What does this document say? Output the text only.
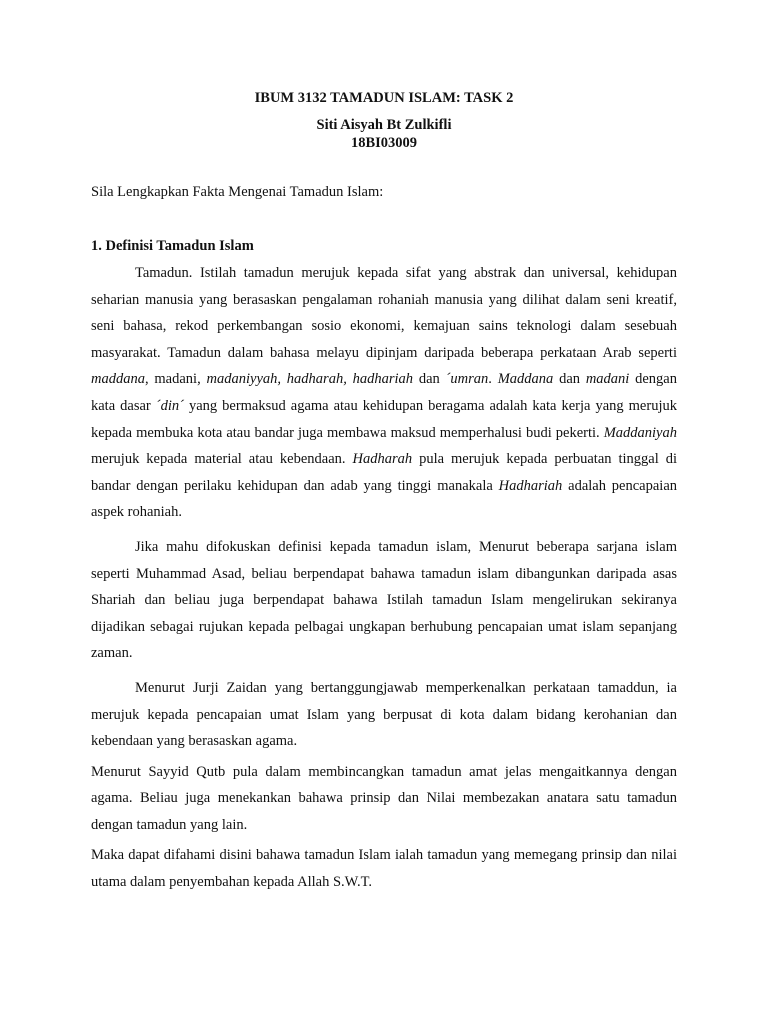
IBUM 3132 TAMADUN ISLAM: TASK 2
Siti Aisyah Bt Zulkifli
18BI03009
Sila Lengkapkan Fakta Mengenai Tamadun Islam:
1. Definisi Tamadun Islam

Tamadun. Istilah tamadun merujuk kepada sifat yang abstrak dan universal, kehidupan seharian manusia yang berasaskan pengalaman rohaniah manusia yang dilihat dalam seni kreatif, seni bahasa, rekod perkembangan sosio ekonomi, kemajuan sains teknologi dalam sesebuah masyarakat. Tamadun dalam bahasa melayu dipinjam daripada beberapa perkataan Arab seperti maddana, madani, madaniyyah, hadharah, hadhariah dan ´umran. Maddana dan madani dengan kata dasar ´din´ yang bermaksud agama atau kehidupan beragama adalah kata kerja yang merujuk kepada membuka kota atau bandar juga membawa maksud memperhalusi budi pekerti. Maddaniyah merujuk kepada material atau kebendaan. Hadharah pula merujuk kepada perbuatan tinggal di bandar dengan perilaku kehidupan dan adab yang tinggi manakala Hadhariah adalah pencapaian aspek rohaniah.

Jika mahu difokuskan definisi kepada tamadun islam, Menurut beberapa sarjana islam seperti Muhammad Asad, beliau berpendapat bahawa tamadun islam dibangunkan daripada asas Shariah dan beliau juga berpendapat bahawa Istilah tamadun Islam mengelirukan sekiranya dijadikan sebagai rujukan kepada pelbagai ungkapan berhubung pencapaian umat islam sepanjang zaman.

Menurut Jurji Zaidan yang bertanggungjawab memperkenalkan perkataan tamaddun, ia merujuk kepada pencapaian umat Islam yang berpusat di kota dalam bidang kerohanian dan kebendaan yang berasaskan agama.

Menurut Sayyid Qutb pula dalam membincangkan tamadun amat jelas mengaitkannya dengan agama. Beliau juga menekankan bahawa prinsip dan Nilai membezakan anatara satu tamadun dengan tamadun yang lain.

Maka dapat difahami disini bahawa tamadun Islam ialah tamadun yang memegang prinsip dan nilai utama dalam penyembahan kepada Allah S.W.T.
